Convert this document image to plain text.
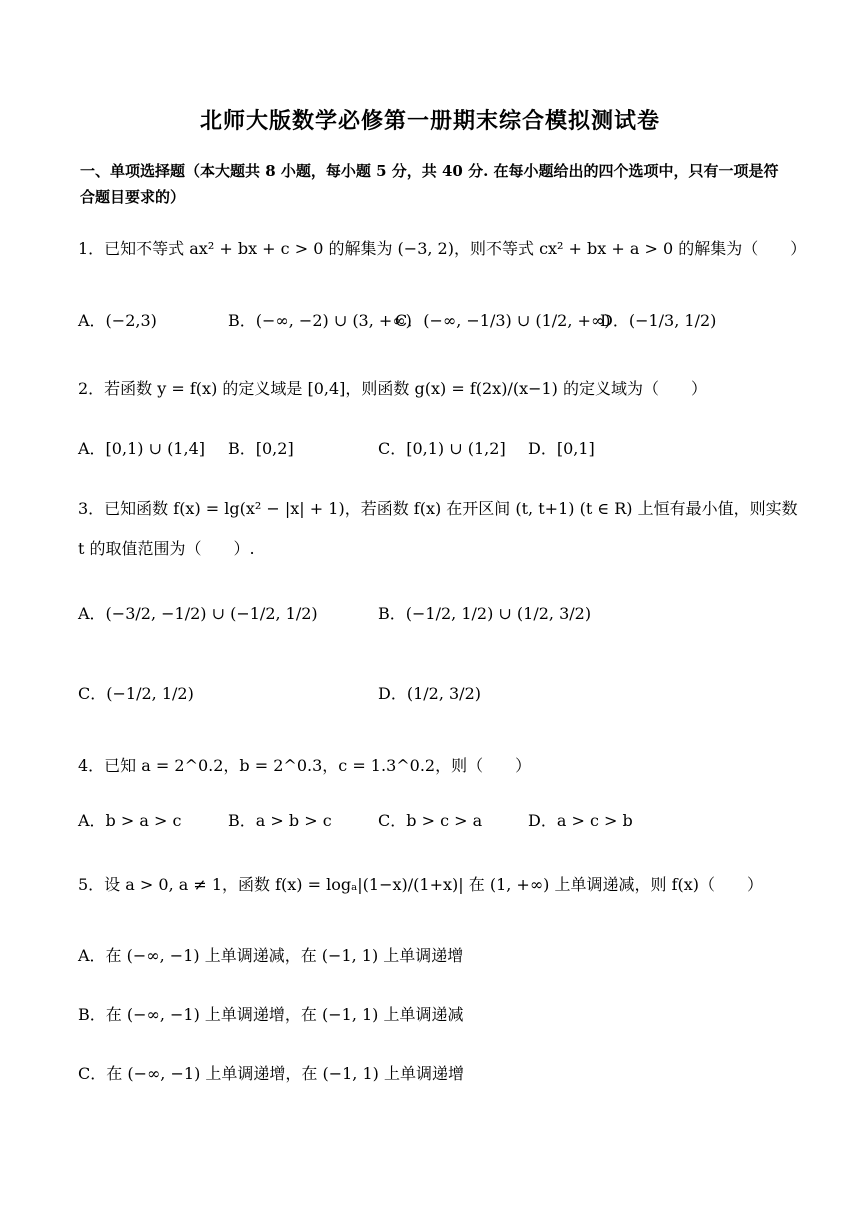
北师大版数学必修第一册期末综合模拟测试卷
一、单项选择题（本大题共 8 小题，每小题 5 分，共 40 分. 在每小题给出的四个选项中，只有一项是符合题目要求的）
1．已知不等式 ax² + bx + c > 0 的解集为 (−3, 2)，则不等式 cx² + bx + a > 0 的解集为（　　）
A．(−2,3)	B．(−∞, −2) ∪ (3, +∞)
C．(−∞, −1/3) ∪ (1/2, +∞)
D．(−1/3, 1/2)
2．若函数 y = f(x) 的定义域是 [0,4]，则函数 g(x) = f(2x)/(x−1) 的定义域为（　　）
A．[0,1) ∪ (1,4] B．[0,2]	C．[0,1) ∪ (1,2] D．[0,1]
3．已知函数 f(x) = lg(x² − |x| + 1)，若函数 f(x) 在开区间 (t, t+1) (t ∈ R) 上恒有最小值，则实数
t 的取值范围为（　　）.
A．(−3/2, −1/2) ∪ (−1/2, 1/2)	B．(−1/2, 1/2) ∪ (1/2, 3/2)
C．(−1/2, 1/2)	D．(1/2, 3/2)
4．已知 a = 2^0.2，b = 2^0.3，c = 1.3^0.2，则（　　）
A．b > a > c	B．a > b > c	C．b > c > a	D．a > c > b
5．设 a > 0, a ≠ 1，函数 f(x) = logₐ|(1−x)/(1+x)| 在 (1, +∞) 上单调递减，则 f(x)（　　）
A．在 (−∞, −1) 上单调递减，在 (−1, 1) 上单调递增
B．在 (−∞, −1) 上单调递增，在 (−1, 1) 上单调递减
C．在 (−∞, −1) 上单调递增，在 (−1, 1) 上单调递增
